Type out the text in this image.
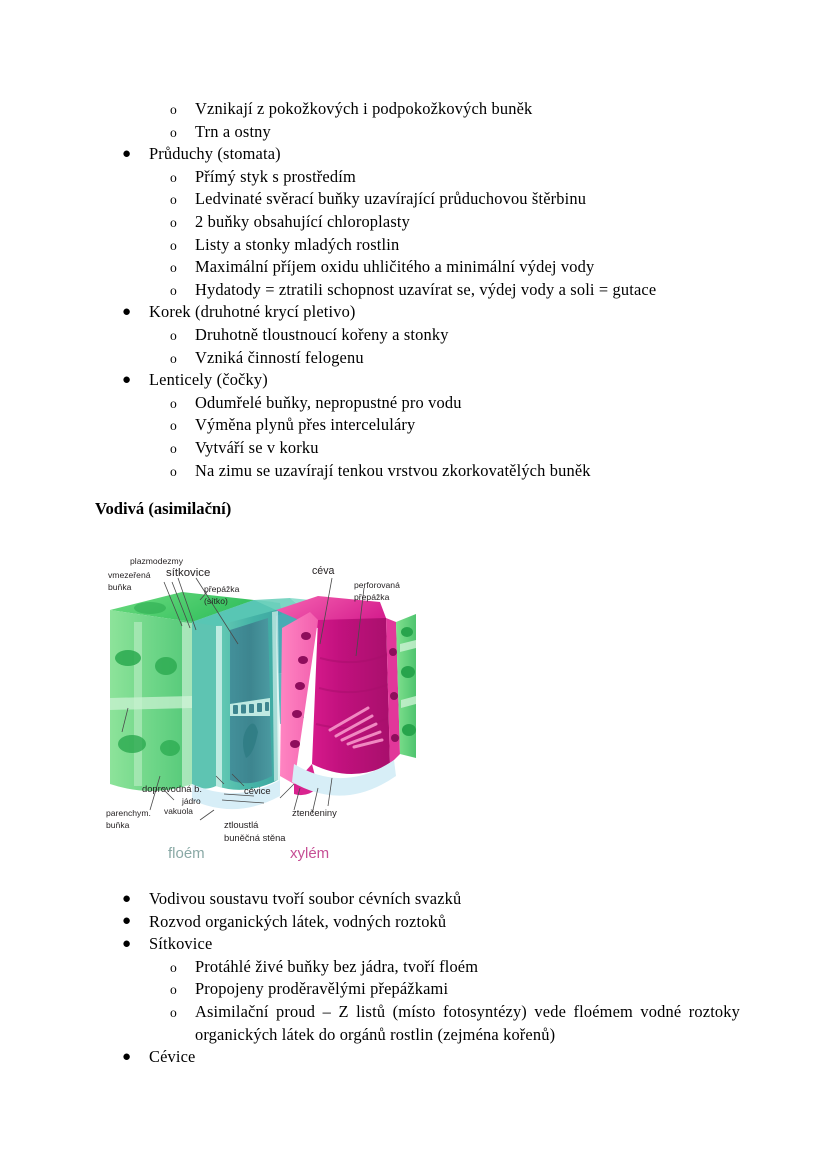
o Vznikají z pokožkových i podpokožkových buněk
o Trn a ostny
● Průduchy (stomata)
o Přímý styk s prostředím
o Ledvinaté svěrací buňky uzavírající průduchovou štěrbinu
o 2 buňky obsahující chloroplasty
o Listy a stonky mladých rostlin
o Maximální příjem oxidu uhličitého a minimální výdej vody
o Hydatody = ztratili schopnost uzavírat se, výdej vody a soli = gutace
● Korek (druhotné krycí pletivo)
o Druhotně tloustnoucí kořeny a stonky
o Vzniká činností felogenu
● Lenticely (čočky)
o Odumřelé buňky, nepropustné pro vodu
o Výměna plynů přes interceluláry
o Vytváří se v korku
o Na zimu se uzavírají tenkou vrstvou zkorkovatělých buněk
Vodivá (asimilační)
plazmodezmy
vmezeřená
buňka
sítkovice
přepážka
(sítko)
céva
perforovaná
přepážka
doprovodná b.
jádro
vakuola
parenchym.
buňka
cévice
ztenčeniny
ztloustlá
buněčná stěna
floém	xylém
● Vodivou soustavu tvoří soubor cévních svazků
● Rozvod organických látek, vodných roztoků
● Sítkovice
o Protáhlé živé buňky bez jádra, tvoří floém
o Propojeny proděravělými přepážkami
o Asimilační proud – Z listů (místo fotosyntézy) vede floémem vodné roztoky organických látek do orgánů rostlin (zejména kořenů)
● Cévice
